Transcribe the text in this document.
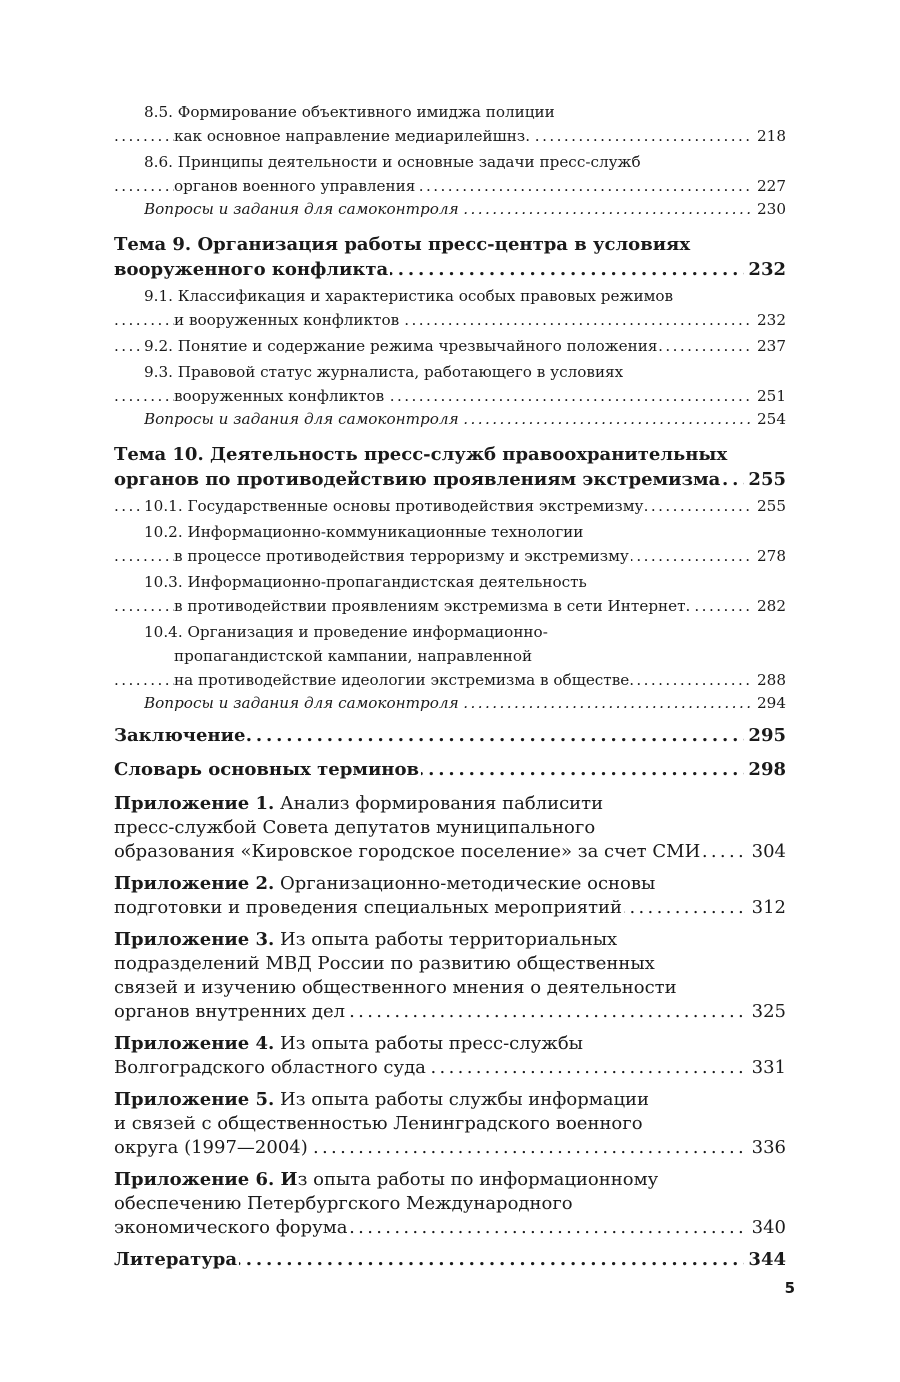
8.5. Формирование объективного имиджа полиции
как основное направление медиарилейшнз.	218
. . .
8.6. Принципы деятельности и основные задачи пресс-служб
органов военного управления	227
. . .
Вопросы и задания для самоконтроля	230
. . .
Тема 9. Организация работы пресс-центра в условиях
вооруженного конфликта	232
. . .
9.1. Классификация и характеристика особых правовых режимов
и вооруженных конфликтов	232
. . .
9.2. Понятие и содержание режима чрезвычайного положения	237
. . .
9.3. Правовой статус журналиста, работающего в условиях
вооруженных конфликтов	251
. . .
Вопросы и задания для самоконтроля	254
. . .
Тема 10. Деятельность пресс-служб правоохранительных
органов по противодействию проявлениям экстремизма 255
. . .
10.1. Государственные основы противодействия экстремизму	255
. . .
10.2. Информационно-коммуникационные технологии
в процессе противодействия терроризму и экстремизму	278
. . .
10.3. Информационно-пропагандистская деятельность
в противодействии проявлениям экстремизма в сети Интернет.	282
. . .
10.4. Организация и проведение информационно-
пропагандистской кампании, направленной
на противодействие идеологии экстремизма в обществе.	288
. . .
Вопросы и задания для самоконтроля	294
. . .
Заключение	295
. . .
Словарь основных терминов	298
. . .
Приложение 1. Анализ формирования паблисити
пресс-службой Совета депутатов муниципального
образования «Кировское городское поселение» за счет СМИ	304
. . .
Приложение 2. Организационно-методические основы
подготовки и проведения специальных мероприятий	312
. . .
Приложение 3. Из опыта работы территориальных
подразделений МВД России по развитию общественных
связей и изучению общественного мнения о деятельности
органов внутренних дел	325
. . .
Приложение 4. Из опыта работы пресс-службы
Волгоградского областного суда	331
. . .
Приложение 5. Из опыта работы службы информации
и связей с общественностью Ленинградского военного
округа (1997—2004)	336
. . .
Приложение 6. Из опыта работы по информационному
обеспечению Петербургского Международного
экономического форума	340
. . .
Литература	344
. . .
5
